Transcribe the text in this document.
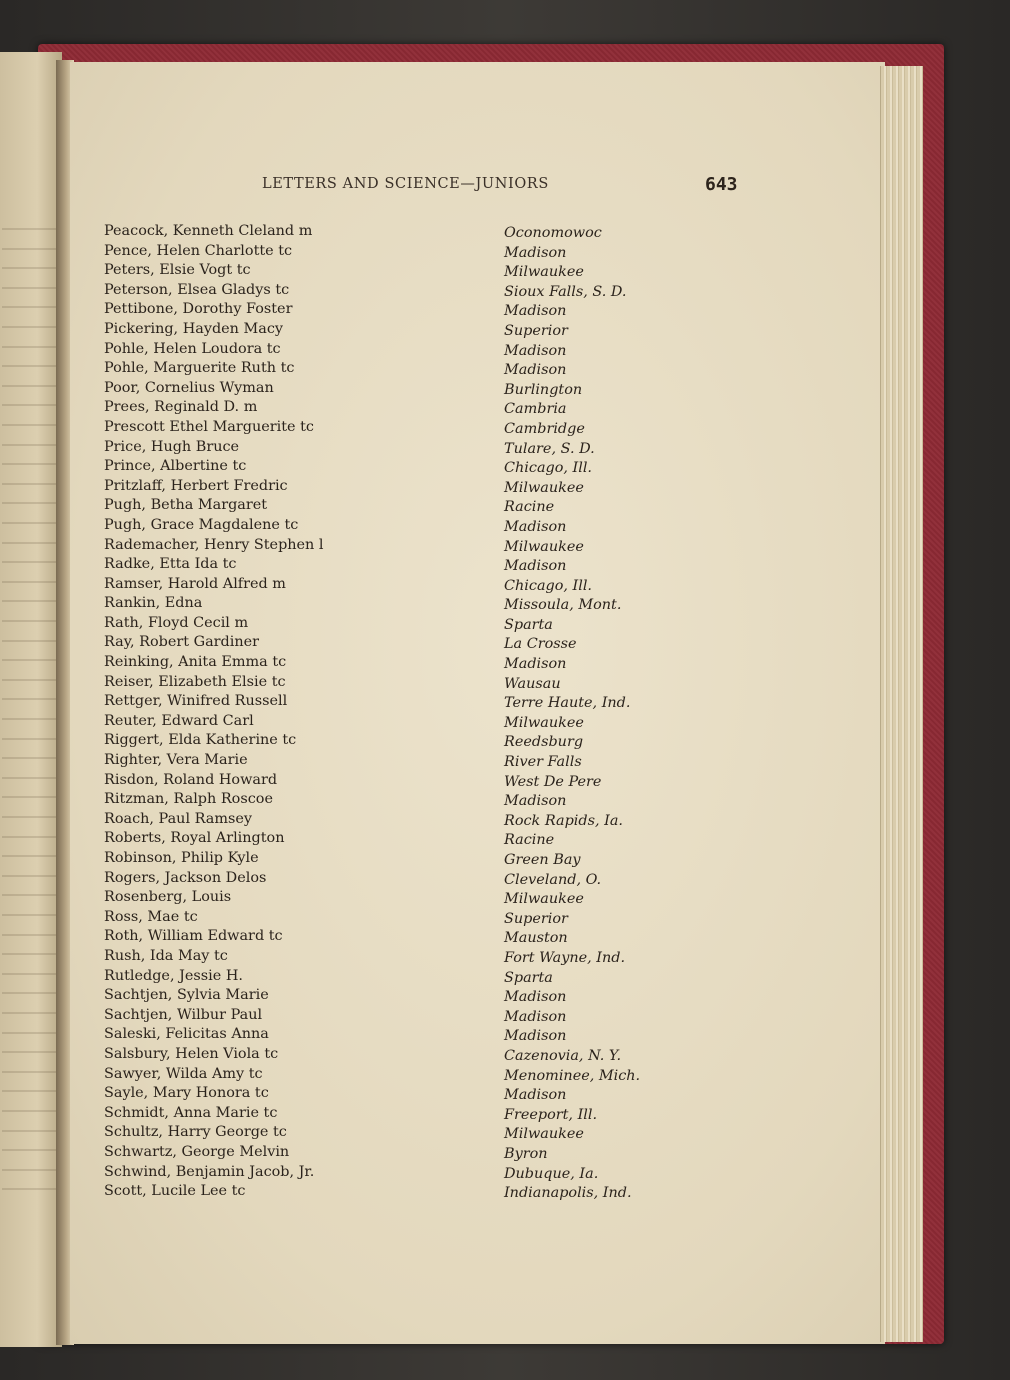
LETTERS AND SCIENCE—JUNIORS	643
Peacock, Kenneth Cleland m
Pence, Helen Charlotte tc
Peters, Elsie Vogt tc
Peterson, Elsea Gladys tc
Pettibone, Dorothy Foster
Pickering, Hayden Macy
Pohle, Helen Loudora tc
Pohle, Marguerite Ruth tc
Poor, Cornelius Wyman
Prees, Reginald D. m
Prescott Ethel Marguerite tc
Price, Hugh Bruce
Prince, Albertine tc
Pritzlaff, Herbert Fredric
Pugh, Betha Margaret
Pugh, Grace Magdalene tc
Rademacher, Henry Stephen l
Radke, Etta Ida tc
Ramser, Harold Alfred m
Rankin, Edna
Rath, Floyd Cecil m
Ray, Robert Gardiner
Reinking, Anita Emma tc
Reiser, Elizabeth Elsie tc
Rettger, Winifred Russell
Reuter, Edward Carl
Riggert, Elda Katherine tc
Righter, Vera Marie
Risdon, Roland Howard
Ritzman, Ralph Roscoe
Roach, Paul Ramsey
Roberts, Royal Arlington
Robinson, Philip Kyle
Rogers, Jackson Delos
Rosenberg, Louis
Ross, Mae tc
Roth, William Edward tc
Rush, Ida May tc
Rutledge, Jessie H.
Sachtjen, Sylvia Marie
Sachtjen, Wilbur Paul
Saleski, Felicitas Anna
Salsbury, Helen Viola tc
Sawyer, Wilda Amy tc
Sayle, Mary Honora tc
Schmidt, Anna Marie tc
Schultz, Harry George tc
Schwartz, George Melvin
Schwind, Benjamin Jacob, Jr.
Scott, Lucile Lee tc
Oconomowoc
Madison
Milwaukee
Sioux Falls, S. D.
Madison
Superior
Madison
Madison
Burlington
Cambria
Cambridge
Tulare, S. D.
Chicago, Ill.
Milwaukee
Racine
Madison
Milwaukee
Madison
Chicago, Ill.
Missoula, Mont.
Sparta
La Crosse
Madison
Wausau
Terre Haute, Ind.
Milwaukee
Reedsburg
River Falls
West De Pere
Madison
Rock Rapids, Ia.
Racine
Green Bay
Cleveland, O.
Milwaukee
Superior
Mauston
Fort Wayne, Ind.
Sparta
Madison
Madison
Madison
Cazenovia, N. Y.
Menominee, Mich.
Madison
Freeport, Ill.
Milwaukee
Byron
Dubuque, Ia.
Indianapolis, Ind.
